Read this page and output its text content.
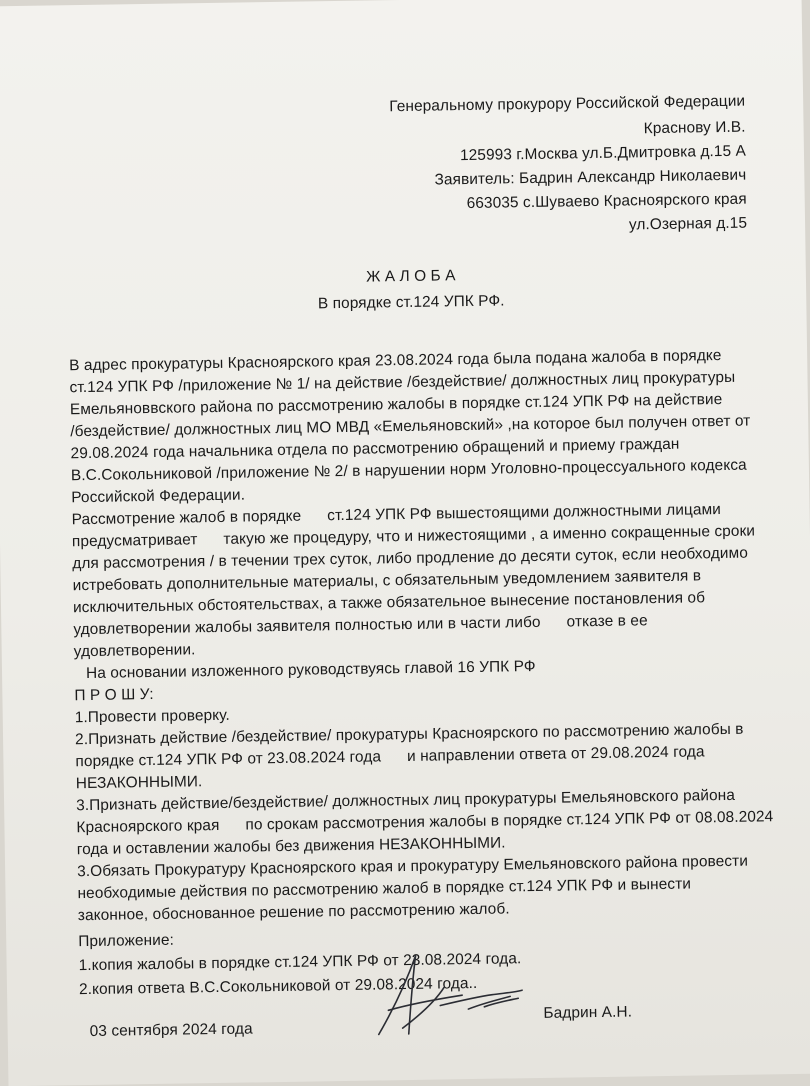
Генеральному прокурору Российской Федерации
Краснову И.В.
125993 г.Москва ул.Б.Дмитровка д.15 А
Заявитель: Бадрин Александр Николаевич
663035 с.Шуваево Красноярского края
ул.Озерная д.15
Ж А Л О Б А
В порядке ст.124 УПК РФ.
В адрес прокуратуры Красноярского края 23.08.2024 года была подана жалоба в порядке
ст.124 УПК РФ /приложение № 1/ на действие /бездействие/ должностных лиц прокуратуры
Емельяноввского района по рассмотрению жалобы в порядке ст.124 УПК РФ на действие
/бездействие/ должностных лиц МО МВД «Емельяновский» ,на которое был получен ответ от
29.08.2024 года начальника отдела по рассмотрению обращений и приему граждан
В.С.Сокольниковой /приложение № 2/ в нарушении норм Уголовно-процессуального кодекса
Российской Федерации.
Рассмотрение жалоб в порядке ст.124 УПК РФ вышестоящими должностными лицами
предусматривает такую же процедуру, что и нижестоящими , а именно сокращенные сроки
для рассмотрения / в течении трех суток, либо продление до десяти суток, если необходимо
истребовать дополнительные материалы, с обязательным уведомлением заявителя в
исключительных обстоятельствах, а также обязательное вынесение постановления об
удовлетворении жалобы заявителя полностью или в части либо отказе в ее
удовлетворении.
На основании изложенного руководствуясь главой 16 УПК РФ
П Р О Ш У:
1.Провести проверку.
2.Признать действие /бездействие/ прокуратуры Красноярского по рассмотрению жалобы в
порядке ст.124 УПК РФ от 23.08.2024 года и направлении ответа от 29.08.2024 года
НЕЗАКОННЫМИ.
3.Признать действие/бездействие/ должностных лиц прокуратуры Емельяновского района
Красноярского края по срокам рассмотрения жалобы в порядке ст.124 УПК РФ от 08.08.2024
года и оставлении жалобы без движения НЕЗАКОННЫМИ.
3.Обязать Прокуратуру Красноярского края и прокуратуру Емельяновского района провести
необходимые действия по рассмотрению жалоб в порядке ст.124 УПК РФ и вынести
законное, обоснованное решение по рассмотрению жалоб.
Приложение:
1.копия жалобы в порядке ст.124 УПК РФ от 23.08.2024 года.
2.копия ответа В.С.Сокольниковой от 29.08.2024 года..
Бадрин А.Н.
03 сентября 2024 года
